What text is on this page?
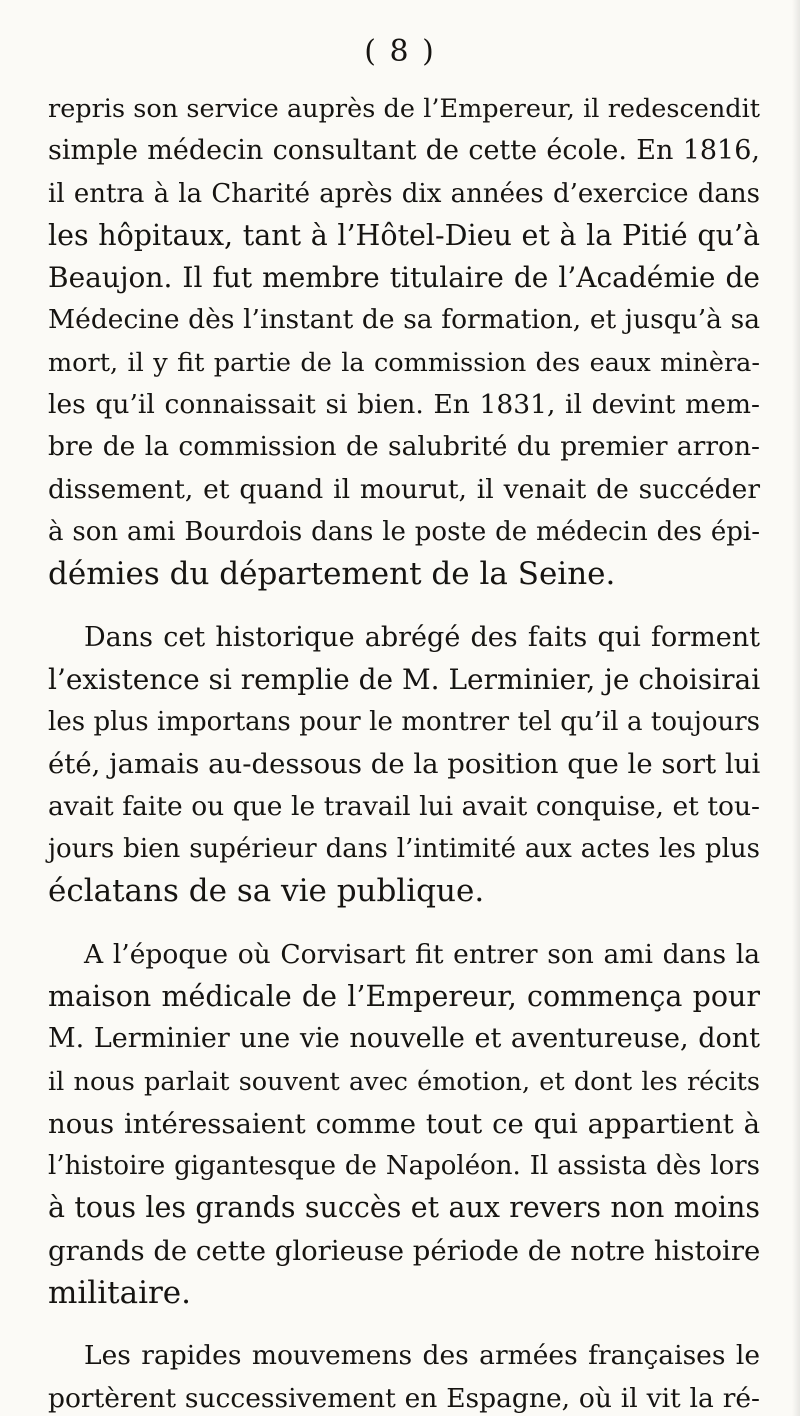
( 8 )
repris son service auprès de l’Empereur, il redescendit
simple médecin consultant de cette école. En 1816,
il entra à la Charité après dix années d’exercice dans
les hôpitaux, tant à l’Hôtel-Dieu et à la Pitié qu’à
Beaujon. Il fut membre titulaire de l’Académie de
Médecine dès l’instant de sa formation, et jusqu’à sa
mort, il y fit partie de la commission des eaux minèra-
les qu’il connaissait si bien. En 1831, il devint mem-
bre de la commission de salubrité du premier arron-
dissement, et quand il mourut, il venait de succéder
à son ami Bourdois dans le poste de médecin des épi-
démies du département de la Seine.
Dans cet historique abrégé des faits qui forment
l’existence si remplie de M. Lerminier, je choisirai
les plus importans pour le montrer tel qu’il a toujours
été, jamais au-dessous de la position que le sort lui
avait faite ou que le travail lui avait conquise, et tou-
jours bien supérieur dans l’intimité aux actes les plus
éclatans de sa vie publique.
A l’époque où Corvisart fit entrer son ami dans la
maison médicale de l’Empereur, commença pour
M. Lerminier une vie nouvelle et aventureuse, dont
il nous parlait souvent avec émotion, et dont les récits
nous intéressaient comme tout ce qui appartient à
l’histoire gigantesque de Napoléon. Il assista dès lors
à tous les grands succès et aux revers non moins
grands de cette glorieuse période de notre histoire
militaire.
Les rapides mouvemens des armées françaises le
portèrent successivement en Espagne, où il vit la ré-
